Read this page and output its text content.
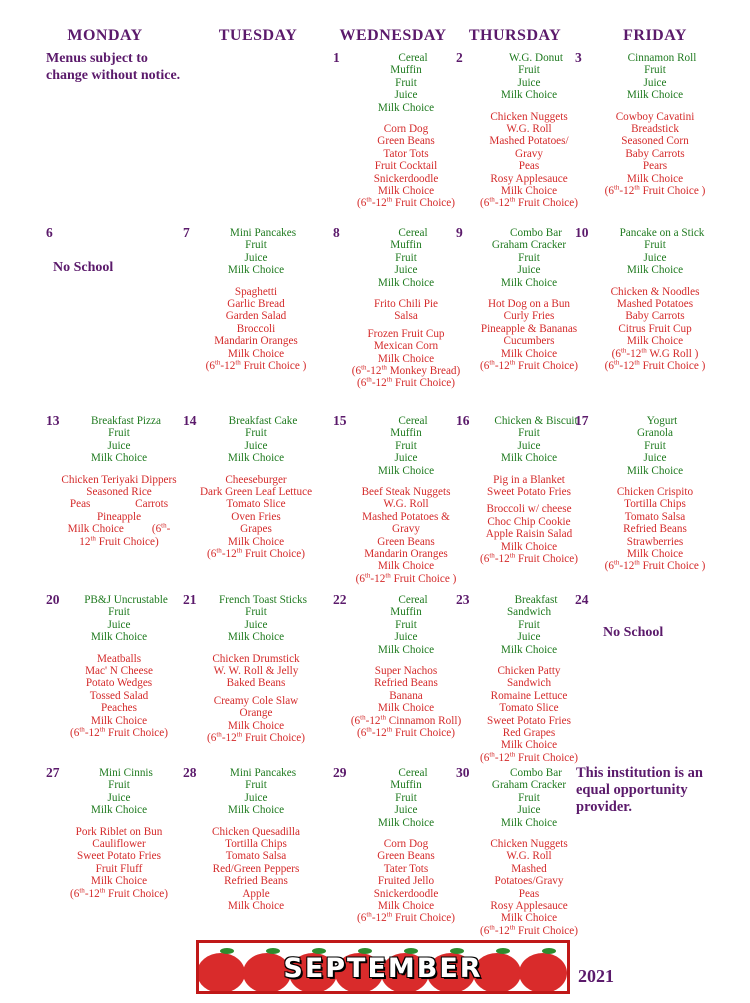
MONDAY	TUESDAY	WEDNESDAY	THURSDAY	FRIDAY
Menus subject to change without notice.
This institution is an equal opportunity provider.
1	Cereal
Muffin
Fruit
Juice
Milk Choice
Corn Dog
Green Beans
Tator Tots
Fruit Cocktail
Snickerdoodle
Milk Choice
(6th-12th Fruit Choice)
2	W.G. Donut
Fruit
Juice
Milk Choice
Chicken Nuggets
W.G. Roll
Mashed Potatoes/
Gravy
Peas
Rosy Applesauce
Milk Choice
(6th-12th Fruit Choice)
3	Cinnamon Roll
Fruit
Juice
Milk Choice
Cowboy Cavatini
Breadstick
Seasoned Corn
Baby Carrots
Pears
Milk Choice
(6th-12th Fruit Choice )
6
No School
7	Mini Pancakes
Fruit
Juice
Milk Choice
Spaghetti
Garlic Bread
Garden Salad
Broccoli
Mandarin Oranges
Milk Choice
(6th-12th Fruit Choice )
8	Cereal
Muffin
Fruit
Juice
Milk Choice
Frito Chili Pie
Salsa
Frozen Fruit Cup
Mexican Corn
Milk Choice
(6th-12th Monkey Bread)
(6th-12th Fruit Choice)
9	Combo Bar
Graham Cracker
Fruit
Juice
Milk Choice
Hot Dog on a Bun
Curly Fries
Pineapple & Bananas
Cucumbers
Milk Choice
(6th-12th Fruit Choice)
10	Pancake on a Stick
Fruit
Juice
Milk Choice
Chicken & Noodles
Mashed Potatoes
Baby Carrots
Citrus Fruit Cup
Milk Choice
(6th-12th W.G Roll )
(6th-12th Fruit Choice )
13	Breakfast Pizza
Fruit
Juice
Milk Choice
Chicken Teriyaki Dippers
Seasoned Rice
Peas                Carrots
Pineapple
Milk Choice          (6th-
12th Fruit Choice)
14	Breakfast Cake
Fruit
Juice
Milk Choice
Cheeseburger
Dark Green Leaf Lettuce
Tomato Slice
Oven Fries
Grapes
Milk Choice
(6th-12th Fruit Choice)
15	Cereal
Muffin
Fruit
Juice
Milk Choice
Beef Steak Nuggets
W.G. Roll
Mashed Potatoes &
Gravy
Green Beans
Mandarin Oranges
Milk Choice
(6th-12th Fruit Choice )
16	Chicken & Biscuit
Fruit
Juice
Milk Choice
Pig in a Blanket
Sweet Potato Fries
Broccoli w/ cheese
Choc Chip Cookie
Apple Raisin Salad
Milk Choice
(6th-12th Fruit Choice)
17	Yogurt
Granola
Fruit
Juice
Milk Choice
Chicken Crispito
Tortilla Chips
Tomato Salsa
Refried Beans
Strawberries
Milk Choice
(6th-12th Fruit Choice )
20	PB&J Uncrustable
Fruit
Juice
Milk Choice
Meatballs
Mac' N Cheese
Potato Wedges
Tossed Salad
Peaches
Milk Choice
(6th-12th Fruit Choice)
21	French Toast Sticks
Fruit
Juice
Milk Choice
Chicken Drumstick
W. W. Roll & Jelly
Baked Beans
Creamy Cole Slaw
Orange
Milk Choice
(6th-12th Fruit Choice)
22	Cereal
Muffin
Fruit
Juice
Milk Choice
Super Nachos
Refried Beans
Banana
Milk Choice
(6th-12th Cinnamon Roll)
(6th-12th Fruit Choice)
23	Breakfast
Sandwich
Fruit
Juice
Milk Choice
Chicken Patty
Sandwich
Romaine Lettuce
Tomato Slice
Sweet Potato Fries
Red Grapes
Milk Choice
(6th-12th Fruit Choice)
24
No School
27	Mini Cinnis
Fruit
Juice
Milk Choice
Pork Riblet on Bun
Cauliflower
Sweet Potato Fries
Fruit Fluff
Milk Choice
(6th-12th Fruit Choice)
28	Mini Pancakes
Fruit
Juice
Milk Choice
Chicken Quesadilla
Tortilla Chips
Tomato Salsa
Red/Green Peppers
Refried Beans
Apple
Milk Choice
29	Cereal
Muffin
Fruit
Juice
Milk Choice
Corn Dog
Green Beans
Tater Tots
Fruited Jello
Snickerdoodle
Milk Choice
(6th-12th Fruit Choice)
30	Combo Bar
Graham Cracker
Fruit
Juice
Milk Choice
Chicken Nuggets
W.G. Roll
Mashed
Potatoes/Gravy
Peas
Rosy Applesauce
Milk Choice
(6th-12th Fruit Choice)
SEPTEMBER	2021
